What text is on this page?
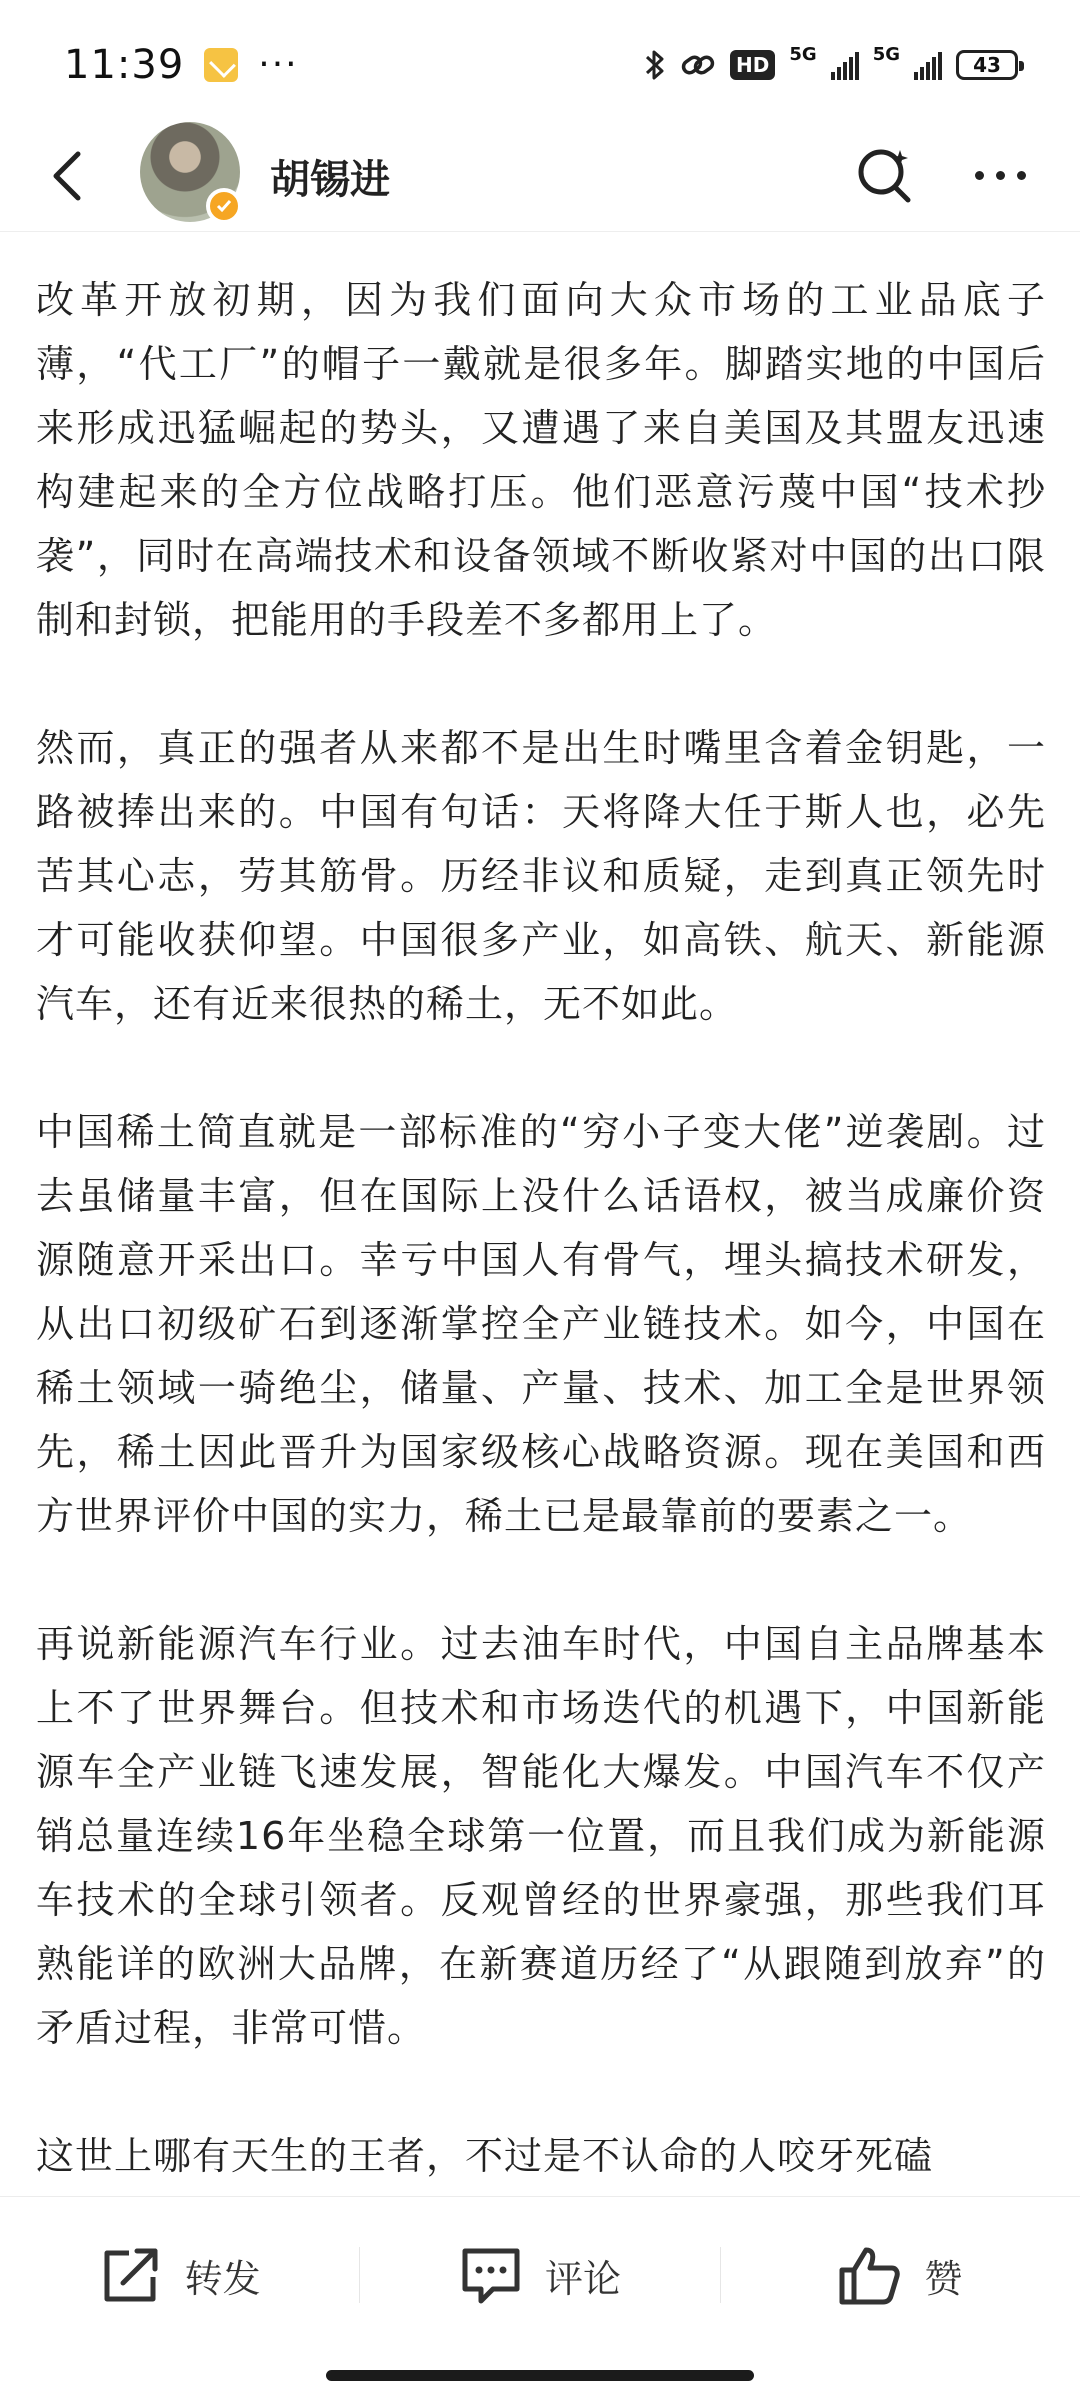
11:39 ···	HD	5G	5G	43
胡锡进

改革开放初期，因为我们面向大众市场的工业品底子薄，“代工厂”的帽子一戴就是很多年。脚踏实地的中国后来形成迅猛崛起的势头，又遭遇了来自美国及其盟友迅速构建起来的全方位战略打压。他们恶意污蔑中国“技术抄袭”，同时在高端技术和设备领域不断收紧对中国的出口限制和封锁，把能用的手段差不多都用上了。

然而，真正的强者从来都不是出生时嘴里含着金钥匙，一路被捧出来的。中国有句话：天将降大任于斯人也，必先苦其心志，劳其筋骨。历经非议和质疑，走到真正领先时才可能收获仰望。中国很多产业，如高铁、航天、新能源汽车，还有近来很热的稀土，无不如此。

中国稀土简直就是一部标准的“穷小子变大佬”逆袭剧。过去虽储量丰富，但在国际上没什么话语权，被当成廉价资源随意开采出口。幸亏中国人有骨气，埋头搞技术研发，从出口初级矿石到逐渐掌控全产业链技术。如今，中国在稀土领域一骑绝尘，储量、产量、技术、加工全是世界领先，稀土因此晋升为国家级核心战略资源。现在美国和西方世界评价中国的实力，稀土已是最靠前的要素之一。

再说新能源汽车行业。过去油车时代，中国自主品牌基本上不了世界舞台。但技术和市场迭代的机遇下，中国新能源车全产业链飞速发展，智能化大爆发。中国汽车不仅产销总量连续16年坐稳全球第一位置，而且我们成为新能源车技术的全球引领者。反观曾经的世界豪强，那些我们耳熟能详的欧洲大品牌，在新赛道历经了“从跟随到放弃”的矛盾过程，非常可惜。

这世上哪有天生的王者，不过是不认命的人咬牙死磕

转发	评论	赞
